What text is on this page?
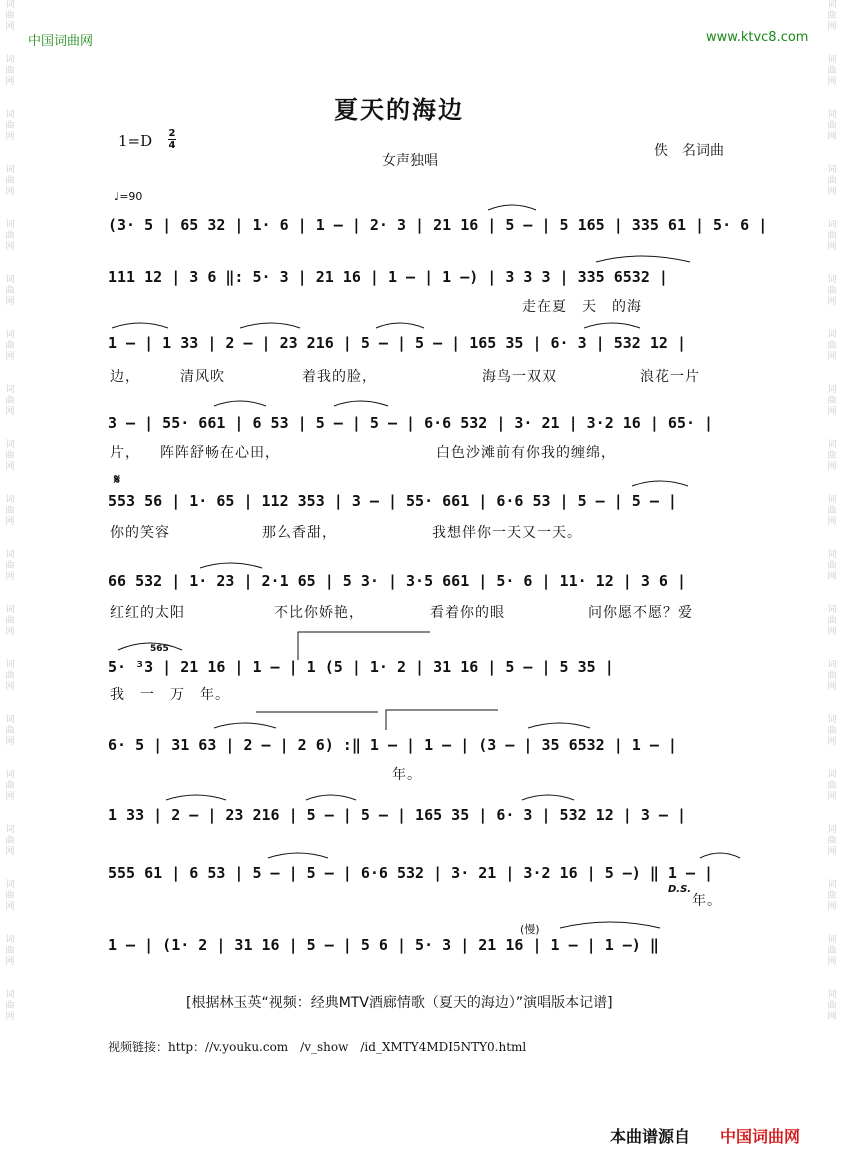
词
曲
网

词
曲
网

词
曲
网

词
曲
网

词
曲
网

词
曲
网

词
曲
网

词
曲
网

词
曲
网

词
曲
网

词
曲
网

词
曲
网

词
曲
网

词
曲
网

词
曲
网

词
曲
网

词
曲
网

词
曲
网

词
曲
网
词
曲
网

词
曲
网

词
曲
网

词
曲
网

词
曲
网

词
曲
网

词
曲
网

词
曲
网

词
曲
网

词
曲
网

词
曲
网

词
曲
网

词
曲
网

词
曲
网

词
曲
网

词
曲
网

词
曲
网

词
曲
网

词
曲
网
中国词曲网	www.ktvc8.com
夏天的海边
1=D 2
4
女声独唱
佚　名词曲
♩=90
(3· 5 | 65 32 | 1· 6 | 1 – | 2· 3 | 21 16 | 5 – | 5 165 | 335 61 | 5· 6 |
111 12 | 3 6 ‖: 5· 3 | 21 16 | 1 – | 1 –) | 3 3 3 | 335 6532 |
走在夏　天　的海
1 – | 1 33 | 2 – | 23 216 | 5 – | 5 – | 165 35 | 6· 3 | 532 12 |
边，	清风吹	着我的脸，	海鸟一双双	浪花一片
3 – | 55· 661 | 6 53 | 5 – | 5 – | 6·6 532 | 3· 21 | 3·2 16 | 65· |
片， 阵阵舒畅在心田，	白色沙滩前有你我的缠绵，
𝄋
553 56 | 1· 65 | 112 353 | 3 – | 55· 661 | 6·6 53 | 5 – | 5 – |
你的笑容	那么香甜，	我想伴你一天又一天。
66 532 | 1· 23 | 2·1 65 | 5 3· | 3·5 661 | 5· 6 | 11· 12 | 3 6 |
红红的太阳	不比你娇艳，	看着你的眼	问你愿不愿？爱
565
5· ³3 | 21 16 | 1 – | 1 (5 | 1· 2 | 31 16 | 5 – | 5 35 |
我　一　万　年。
6· 5 | 31 63 | 2 – | 2 6) :‖ 1 – | 1 – | (3 – | 35 6532 | 1 – |
年。
1 33 | 2 – | 23 216 | 5 – | 5 – | 165 35 | 6· 3 | 532 12 | 3 – |
555 61 | 6 53 | 5 – | 5 – | 6·6 532 | 3· 21 | 3·2 16 | 5 –) ‖ 1 – |
D.S.
年。
(慢)
1 – | (1· 2 | 31 16 | 5 – | 5 6 | 5· 3 | 21 16 | 1 – | 1 –) ‖
[根据林玉英“视频：经典MTV酒廊情歌（夏天的海边）”演唱版本记谱]
视频链接：http：//v.youku.com　/v_show　/id_XMTY4MDI5NTY0.html
本曲谱源自 中国词曲网
